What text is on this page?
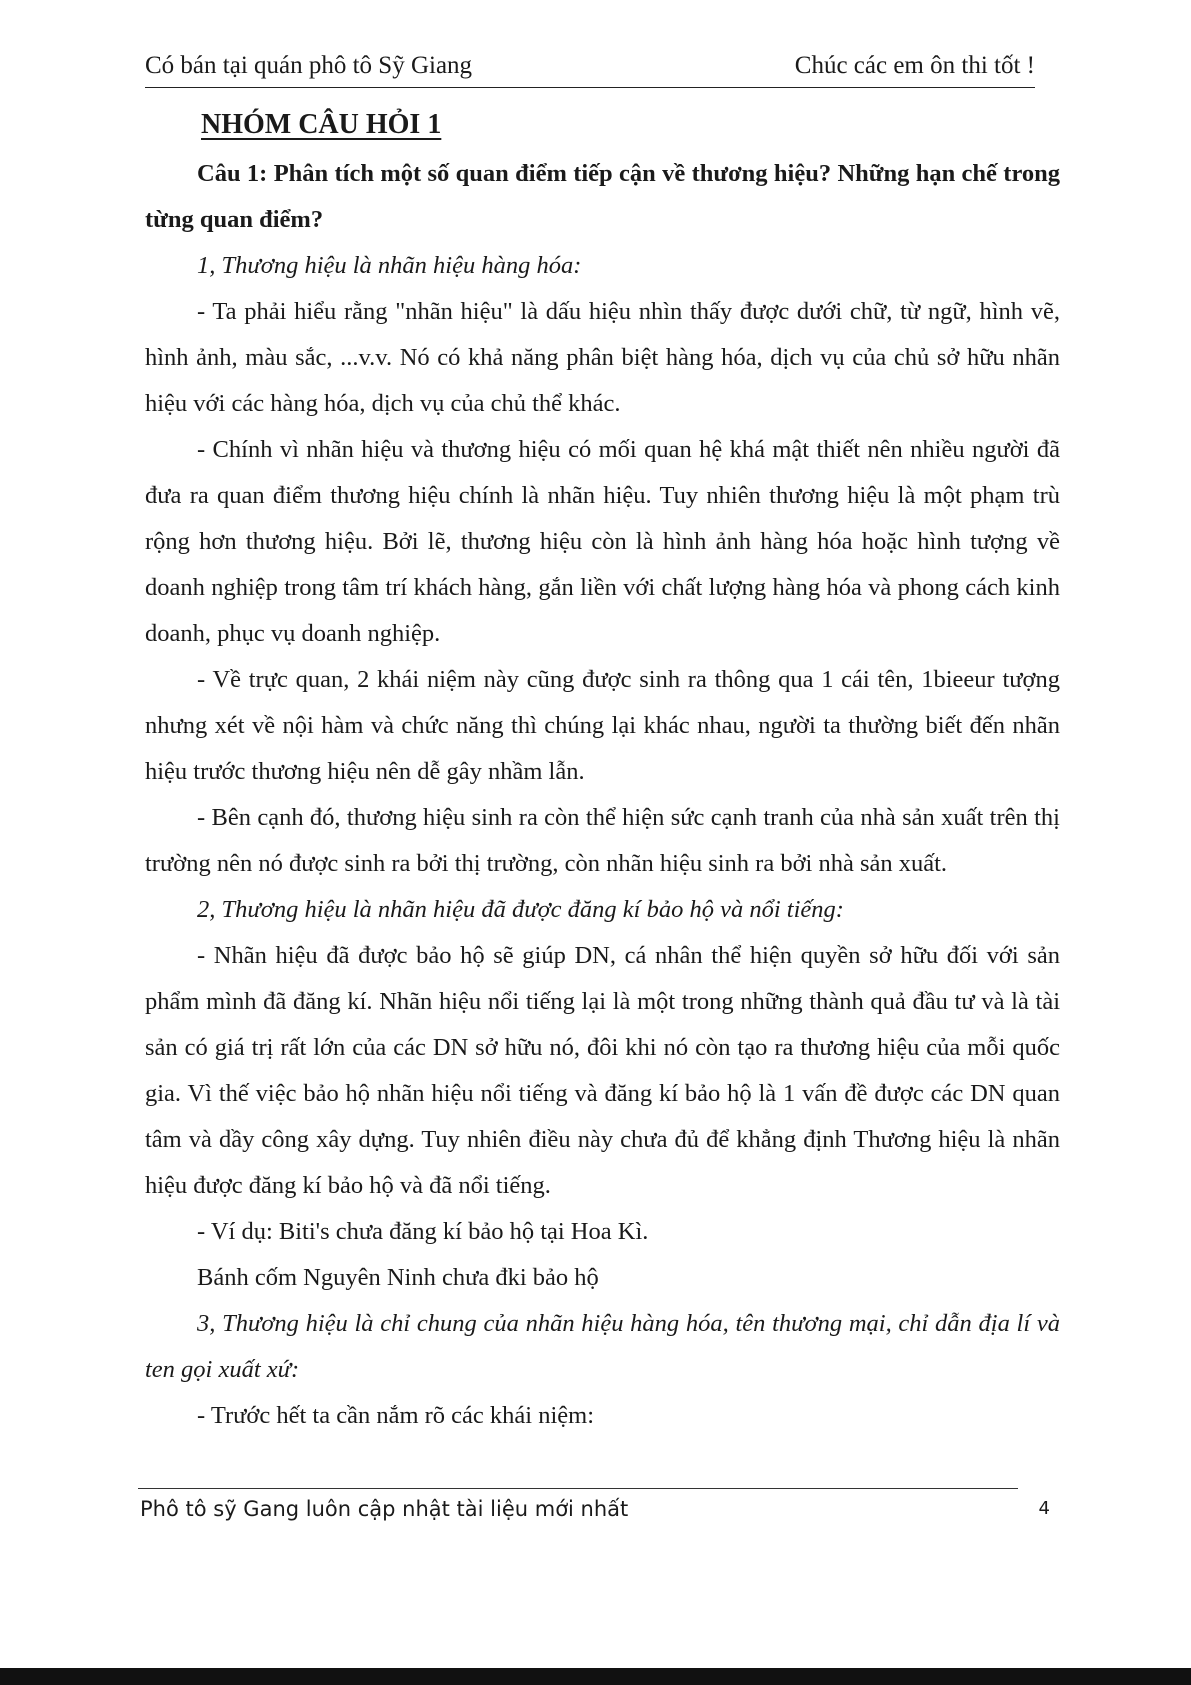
Có bán tại quán phô tô Sỹ Giang	Chúc các em ôn thi tốt !

NHÓM CÂU HỎI 1

Câu 1: Phân tích một số quan điểm tiếp cận về thương hiệu? Những hạn chế trong từng quan điểm?

1, Thương hiệu là nhãn hiệu hàng hóa:

- Ta phải hiểu rằng "nhãn hiệu" là dấu hiệu nhìn thấy được dưới chữ, từ ngữ, hình vẽ, hình ảnh, màu sắc, ...v.v. Nó có khả năng phân biệt hàng hóa, dịch vụ của chủ sở hữu nhãn hiệu với các hàng hóa, dịch vụ của chủ thể khác.

- Chính vì nhãn hiệu và thương hiệu có mối quan hệ khá mật thiết nên nhiều người đã đưa ra quan điểm thương hiệu chính là nhãn hiệu. Tuy nhiên thương hiệu là một phạm trù rộng hơn thương hiệu. Bởi lẽ, thương hiệu còn là hình ảnh hàng hóa hoặc hình tượng về doanh nghiệp trong tâm trí khách hàng, gắn liền với chất lượng hàng hóa và phong cách kinh doanh, phục vụ doanh nghiệp.

- Về trực quan, 2 khái niệm này cũng được sinh ra thông qua 1 cái tên, 1bieeur tượng nhưng xét về nội hàm và chức năng thì chúng lại khác nhau, người ta thường biết đến nhãn hiệu trước thương hiệu nên dễ gây nhầm lẫn.

- Bên cạnh đó, thương hiệu sinh ra còn thể hiện sức cạnh tranh của nhà sản xuất trên thị trường nên nó được sinh ra bởi thị trường, còn nhãn hiệu sinh ra bởi nhà sản xuất.

2, Thương hiệu là nhãn hiệu đã được đăng kí bảo hộ và nổi tiếng:

- Nhãn hiệu đã được bảo hộ sẽ giúp DN, cá nhân thể hiện quyền sở hữu đối với sản phẩm mình đã đăng kí. Nhãn hiệu nổi tiếng lại là một trong những thành quả đầu tư và là tài sản có giá trị rất lớn của các DN sở hữu nó, đôi khi nó còn tạo ra thương hiệu của mỗi quốc gia. Vì thế việc bảo hộ nhãn hiệu nổi tiếng và đăng kí bảo hộ là 1 vấn đề được các DN quan tâm và dầy công xây dựng. Tuy nhiên điều này chưa đủ để khẳng định Thương hiệu là nhãn hiệu được đăng kí bảo hộ và đã nổi tiếng.

- Ví dụ: Biti's chưa đăng kí bảo hộ tại Hoa Kì.

Bánh cốm Nguyên Ninh chưa đki bảo hộ

3, Thương hiệu là chỉ chung của nhãn hiệu hàng hóa, tên thương mại, chỉ dẫn địa lí và ten gọi xuất xứ:

- Trước hết ta cần nắm rõ các khái niệm:

Phô tô sỹ Gang luôn cập nhật tài liệu mới nhất	4
